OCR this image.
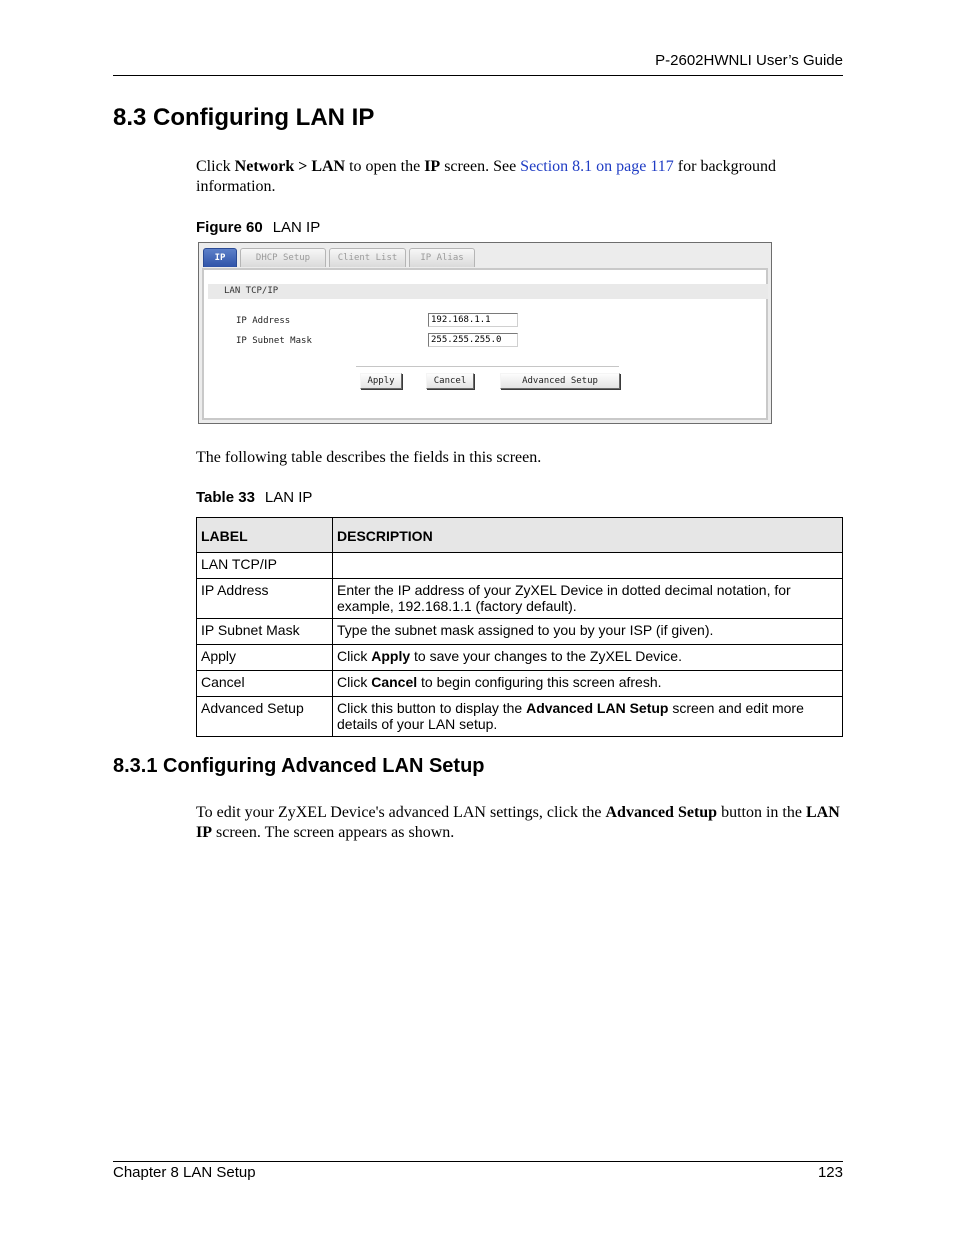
P-2602HWNLI User’s Guide
8.3 Configuring LAN IP
Click Network > LAN to open the IP screen. See Section 8.1 on page 117 for background information.
Figure 60 LAN IP
IP	DHCP Setup	Client List	IP Alias
LAN TCP/IP
IP Address	192.168.1.1
IP Subnet Mask	255.255.255.0
Apply	Cancel	Advanced Setup
The following table describes the fields in this screen.
Table 33 LAN IP
LABEL	DESCRIPTION
LAN TCP/IP	
IP Address	Enter the IP address of your ZyXEL Device in dotted decimal notation, for example, 192.168.1.1 (factory default).
IP Subnet Mask	Type the subnet mask assigned to you by your ISP (if given).
Apply	Click Apply to save your changes to the ZyXEL Device.
Cancel	Click Cancel to begin configuring this screen afresh.
Advanced Setup	Click this button to display the Advanced LAN Setup screen and edit more details of your LAN setup.
8.3.1 Configuring Advanced LAN Setup
To edit your ZyXEL Device's advanced LAN settings, click the Advanced Setup button in the LAN IP screen. The screen appears as shown.
Chapter 8 LAN Setup	123
